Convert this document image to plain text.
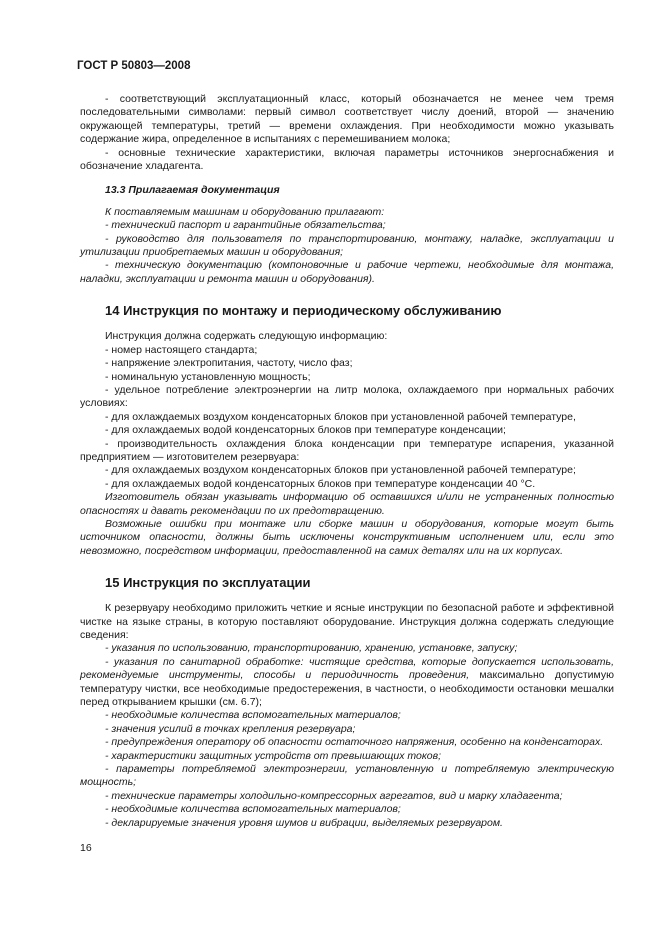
ГОСТ Р 50803—2008

- соответствующий эксплуатационный класс, который обозначается не менее чем тремя последовательными символами: первый символ соответствует числу доений, второй — значению окружающей температуры, третий — времени охлаждения. При необходимости можно указывать содержание жира, определенное в испытаниях с перемешиванием молока;

- основные технические характеристики, включая параметры источников энергоснабжения и обозначение хладагента.

13.3 Прилагаемая документация

К поставляемым машинам и оборудованию прилагают:

- технический паспорт и гарантийные обязательства;

- руководство для пользователя по транспортированию, монтажу, наладке, эксплуатации и утилизации приобретаемых машин и оборудования;

- техническую документацию (компоновочные и рабочие чертежи, необходимые для монтажа, наладки, эксплуатации и ремонта машин и оборудования).

14 Инструкция по монтажу и периодическому обслуживанию

Инструкция должна содержать следующую информацию:

- номер настоящего стандарта;

- напряжение электропитания, частоту, число фаз;

- номинальную установленную мощность;

- удельное потребление электроэнергии на литр молока, охлаждаемого при нормальных рабочих условиях:

- для охлаждаемых воздухом конденсаторных блоков при установленной рабочей температуре,

- для охлаждаемых водой конденсаторных блоков при температуре конденсации;

- производительность охлаждения блока конденсации при температуре испарения, указанной предприятием — изготовителем резервуара:

- для охлаждаемых воздухом конденсаторных блоков при установленной рабочей температуре;

- для охлаждаемых водой конденсаторных блоков при температуре конденсации 40 °С.

Изготовитель обязан указывать информацию об оставшихся и/или не устраненных полностью опасностях и давать рекомендации по их предотвращению.

Возможные ошибки при монтаже или сборке машин и оборудования, которые могут быть источником опасности, должны быть исключены конструктивным исполнением или, если это невозможно, посредством информации, предоставленной на самих деталях или на их корпусах.

15 Инструкция по эксплуатации

К резервуару необходимо приложить четкие и ясные инструкции по безопасной работе и эффективной чистке на языке страны, в которую поставляют оборудование. Инструкция должна содержать следующие сведения:

- указания по использованию, транспортированию, хранению, установке, запуску;

- указания по санитарной обработке: чистящие средства, которые допускается использовать, рекомендуемые инструменты, способы и периодичность проведения, максимально допустимую температуру чистки, все необходимые предостережения, в частности, о необходимости остановки мешалки перед открыванием крышки (см. 6.7);

- необходимые количества вспомогательных материалов;

- значения усилий в точках крепления резервуара;

- предупреждения оператору об опасности остаточного напряжения, особенно на конденсаторах.

- характеристики защитных устройств от превышающих токов;

- параметры потребляемой электроэнергии, установленную и потребляемую электрическую мощность;

- технические параметры холодильно-компрессорных агрегатов, вид и марку хладагента;

- необходимые количества вспомогательных материалов;

- декларируемые значения уровня шумов и вибрации, выделяемых резервуаром.

16
